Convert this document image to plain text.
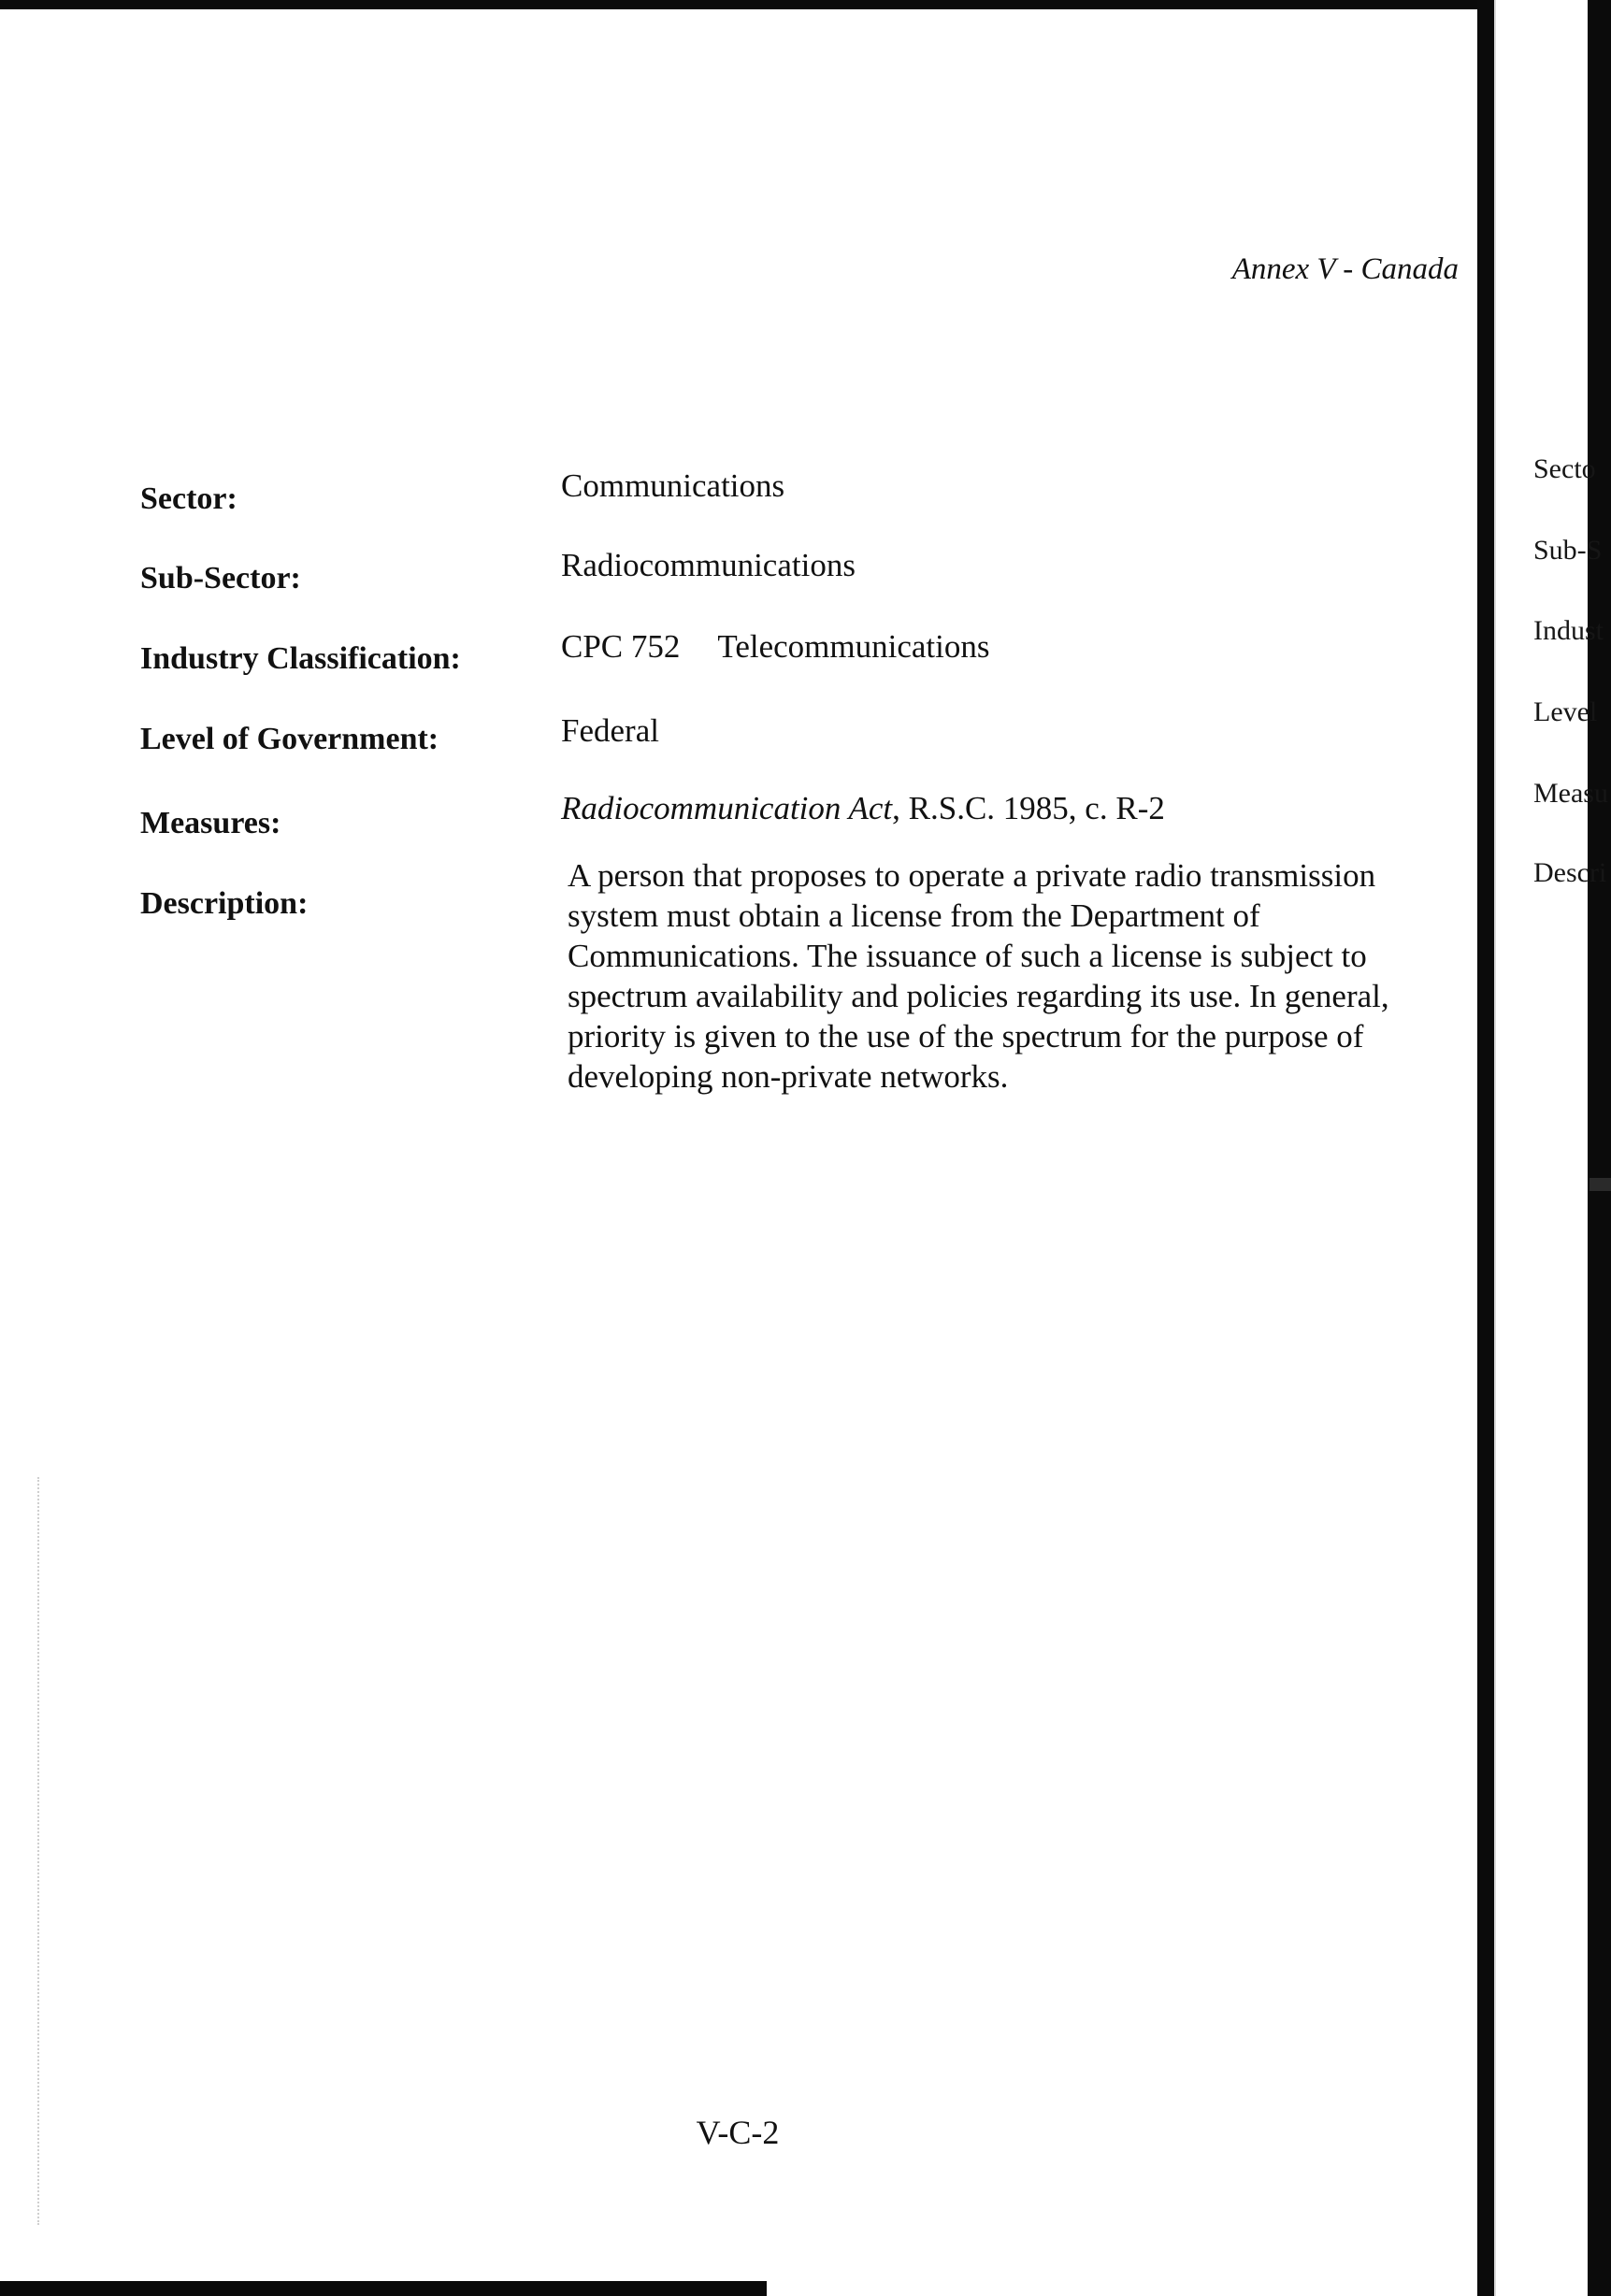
Annex V - Canada
Sector:	Communications
Sub-Sector:	Radiocommunications
Industry Classification:	CPC 752 Telecommunications
Level of Government:	Federal
Measures:	Radiocommunication Act, R.S.C. 1985, c. R-2
Description:
A person that proposes to operate a private radio transmission
system must obtain a license from the Department of
Communications. The issuance of such a license is subject to
spectrum availability and policies regarding its use. In general,
priority is given to the use of the spectrum for the purpose of
developing non-private networks.
V-C-2
Secto
Sub-S
Indust
Level
Measu
Descri
